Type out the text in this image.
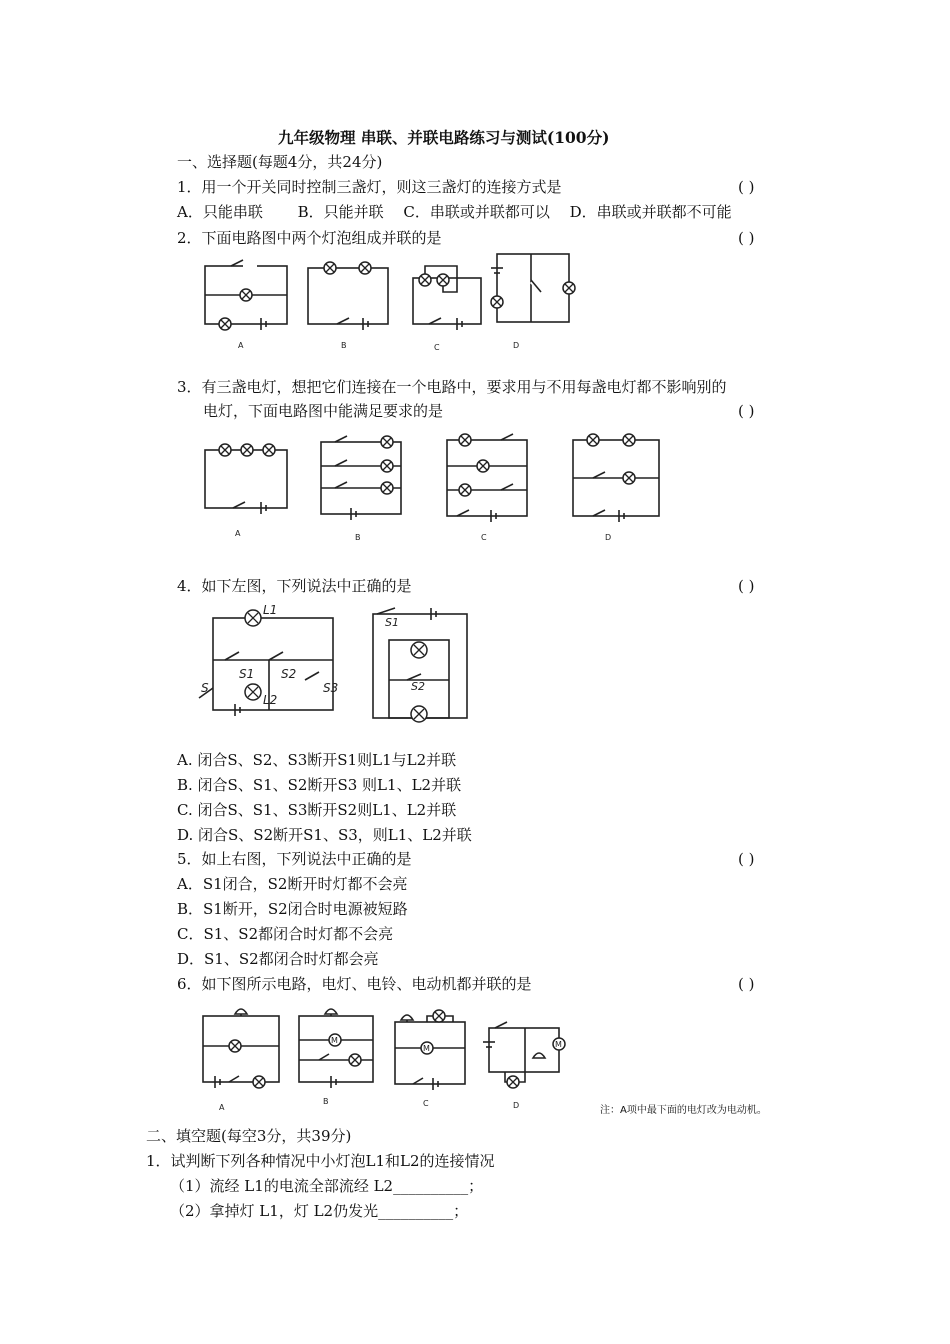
九年级物理 串联、并联电路练习与测试(100分)
一、选择题(每题4分，共24分)
1．用一个开关同时控制三盏灯，则这三盏灯的连接方式是	( )
A．只能串联　　 B．只能并联　 C．串联或并联都可以　 D．串联或并联都不可能
2．下面电路图中两个灯泡组成并联的是	( )
A	B	C	D
3．有三盏电灯，想把它们连接在一个电路中，要求用与不用每盏电灯都不影响别的
电灯，下面电路图中能满足要求的是	( )
A	B	C	D
4．如下左图，下列说法中正确的是	( )
L1
S1 S2
S3
S
L2
S1
S2
A. 闭合S、S2、S3断开S1则L1与L2并联
B. 闭合S、S1、S2断开S3 则L1、L2并联
C. 闭合S、S1、S3断开S2则L1、L2并联
D. 闭合S、S2断开S1、S3，则L1、L2并联
5．如上右图，下列说法中正确的是	( )
A．S1闭合，S2断开时灯都不会亮
B．S1断开，S2闭合时电源被短路
C．S1、S2都闭合时灯都不会亮
D．S1、S2都闭合时灯都会亮
6．如下图所示电路，电灯、电铃、电动机都并联的是	( )
A
M
B
M
C
M
D	注：A项中最下面的电灯改为电动机。
二、填空题(每空3分，共39分)
1．试判断下列各种情况中小灯泡L1和L2的连接情况
（1）流经 L1的电流全部流经 L2__________；
（2）拿掉灯 L1，灯 L2仍发光__________；
